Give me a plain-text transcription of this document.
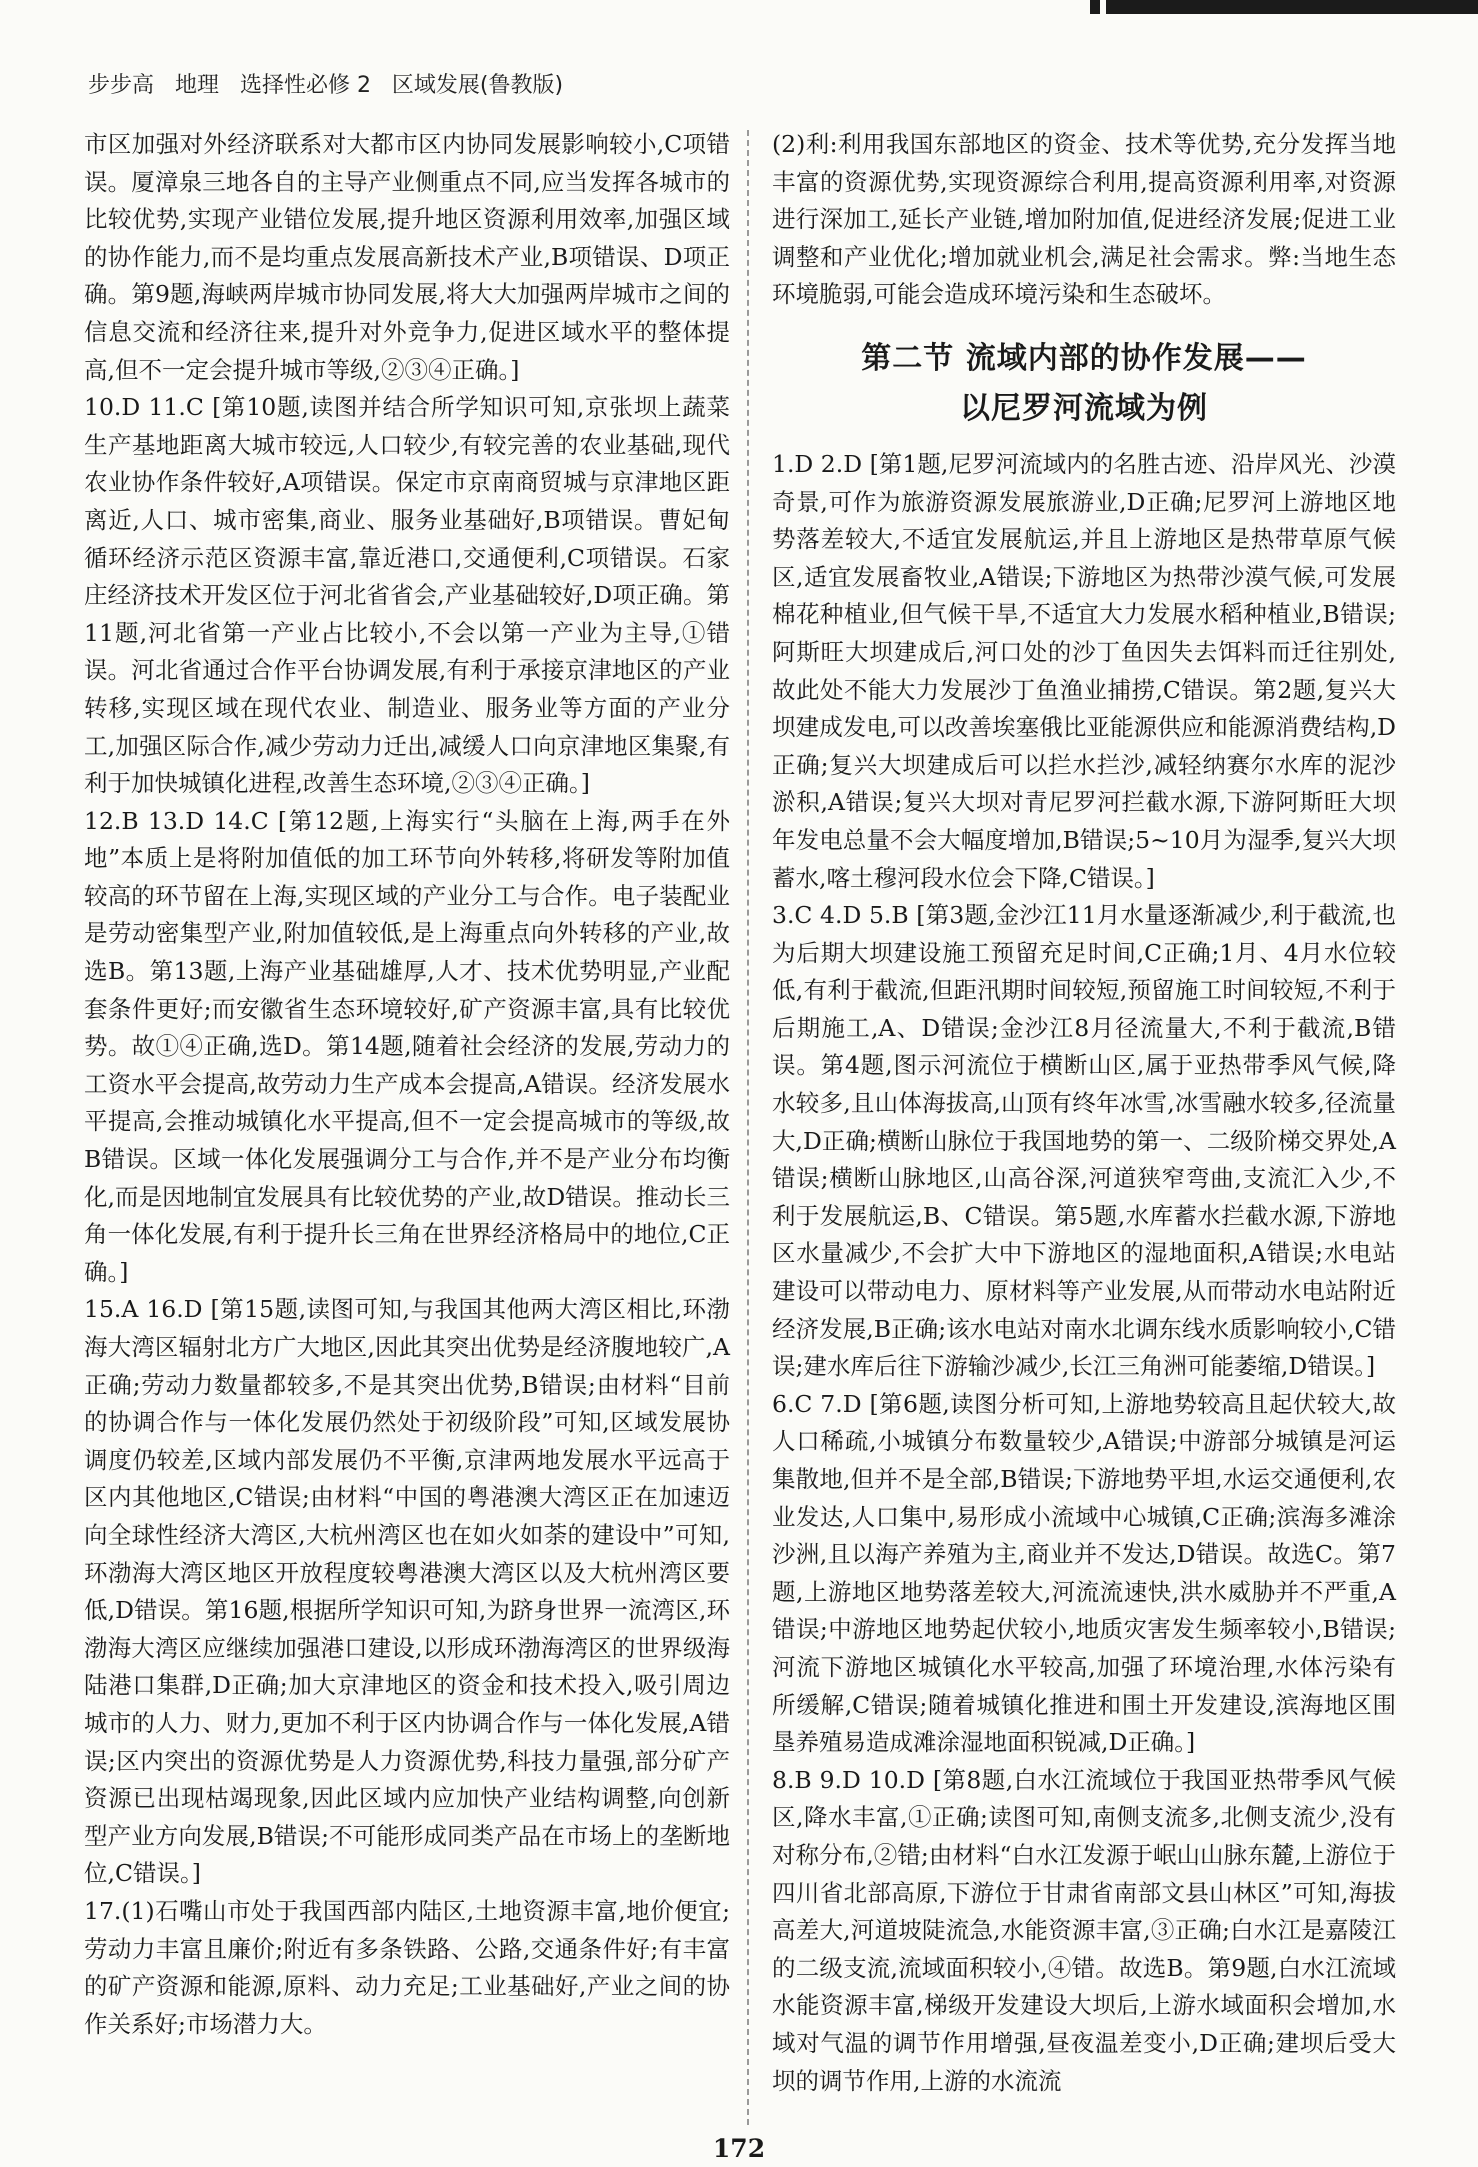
步步高   地理   选择性必修 2   区域发展(鲁教版)

市区加强对外经济联系对大都市区内协同发展影响较小,C项错误。厦漳泉三地各自的主导产业侧重点不同,应当发挥各城市的比较优势,实现产业错位发展,提升地区资源利用效率,加强区域的协作能力,而不是均重点发展高新技术产业,B项错误、D项正确。第9题,海峡两岸城市协同发展,将大大加强两岸城市之间的信息交流和经济往来,提升对外竞争力,促进区域水平的整体提高,但不一定会提升城市等级,②③④正确。]

10.D 11.C [第10题,读图并结合所学知识可知,京张坝上蔬菜生产基地距离大城市较远,人口较少,有较完善的农业基础,现代农业协作条件较好,A项错误。保定市京南商贸城与京津地区距离近,人口、城市密集,商业、服务业基础好,B项错误。曹妃甸循环经济示范区资源丰富,靠近港口,交通便利,C项错误。石家庄经济技术开发区位于河北省省会,产业基础较好,D项正确。第11题,河北省第一产业占比较小,不会以第一产业为主导,①错误。河北省通过合作平台协调发展,有利于承接京津地区的产业转移,实现区域在现代农业、制造业、服务业等方面的产业分工,加强区际合作,减少劳动力迁出,减缓人口向京津地区集聚,有利于加快城镇化进程,改善生态环境,②③④正确。]

12.B 13.D 14.C [第12题,上海实行“头脑在上海,两手在外地”本质上是将附加值低的加工环节向外转移,将研发等附加值较高的环节留在上海,实现区域的产业分工与合作。电子装配业是劳动密集型产业,附加值较低,是上海重点向外转移的产业,故选B。第13题,上海产业基础雄厚,人才、技术优势明显,产业配套条件更好;而安徽省生态环境较好,矿产资源丰富,具有比较优势。故①④正确,选D。第14题,随着社会经济的发展,劳动力的工资水平会提高,故劳动力生产成本会提高,A错误。经济发展水平提高,会推动城镇化水平提高,但不一定会提高城市的等级,故B错误。区域一体化发展强调分工与合作,并不是产业分布均衡化,而是因地制宜发展具有比较优势的产业,故D错误。推动长三角一体化发展,有利于提升长三角在世界经济格局中的地位,C正确。]

15.A 16.D [第15题,读图可知,与我国其他两大湾区相比,环渤海大湾区辐射北方广大地区,因此其突出优势是经济腹地较广,A正确;劳动力数量都较多,不是其突出优势,B错误;由材料“目前的协调合作与一体化发展仍然处于初级阶段”可知,区域发展协调度仍较差,区域内部发展仍不平衡,京津两地发展水平远高于区内其他地区,C错误;由材料“中国的粤港澳大湾区正在加速迈向全球性经济大湾区,大杭州湾区也在如火如荼的建设中”可知,环渤海大湾区地区开放程度较粤港澳大湾区以及大杭州湾区要低,D错误。第16题,根据所学知识可知,为跻身世界一流湾区,环渤海大湾区应继续加强港口建设,以形成环渤海湾区的世界级海陆港口集群,D正确;加大京津地区的资金和技术投入,吸引周边城市的人力、财力,更加不利于区内协调合作与一体化发展,A错误;区内突出的资源优势是人力资源优势,科技力量强,部分矿产资源已出现枯竭现象,因此区域内应加快产业结构调整,向创新型产业方向发展,B错误;不可能形成同类产品在市场上的垄断地位,C错误。]

17.(1)石嘴山市处于我国西部内陆区,土地资源丰富,地价便宜;劳动力丰富且廉价;附近有多条铁路、公路,交通条件好;有丰富的矿产资源和能源,原料、动力充足;工业基础好,产业之间的协作关系好;市场潜力大。

(2)利:利用我国东部地区的资金、技术等优势,充分发挥当地丰富的资源优势,实现资源综合利用,提高资源利用率,对资源进行深加工,延长产业链,增加附加值,促进经济发展;促进工业调整和产业优化;增加就业机会,满足社会需求。弊:当地生态环境脆弱,可能会造成环境污染和生态破坏。

第二节 流域内部的协作发展——
以尼罗河流域为例

1.D 2.D [第1题,尼罗河流域内的名胜古迹、沿岸风光、沙漠奇景,可作为旅游资源发展旅游业,D正确;尼罗河上游地区地势落差较大,不适宜发展航运,并且上游地区是热带草原气候区,适宜发展畜牧业,A错误;下游地区为热带沙漠气候,可发展棉花种植业,但气候干旱,不适宜大力发展水稻种植业,B错误;阿斯旺大坝建成后,河口处的沙丁鱼因失去饵料而迁往别处,故此处不能大力发展沙丁鱼渔业捕捞,C错误。第2题,复兴大坝建成发电,可以改善埃塞俄比亚能源供应和能源消费结构,D正确;复兴大坝建成后可以拦水拦沙,减轻纳赛尔水库的泥沙淤积,A错误;复兴大坝对青尼罗河拦截水源,下游阿斯旺大坝年发电总量不会大幅度增加,B错误;5~10月为湿季,复兴大坝蓄水,喀土穆河段水位会下降,C错误。]

3.C 4.D 5.B [第3题,金沙江11月水量逐渐减少,利于截流,也为后期大坝建设施工预留充足时间,C正确;1月、4月水位较低,有利于截流,但距汛期时间较短,预留施工时间较短,不利于后期施工,A、D错误;金沙江8月径流量大,不利于截流,B错误。第4题,图示河流位于横断山区,属于亚热带季风气候,降水较多,且山体海拔高,山顶有终年冰雪,冰雪融水较多,径流量大,D正确;横断山脉位于我国地势的第一、二级阶梯交界处,A错误;横断山脉地区,山高谷深,河道狭窄弯曲,支流汇入少,不利于发展航运,B、C错误。第5题,水库蓄水拦截水源,下游地区水量减少,不会扩大中下游地区的湿地面积,A错误;水电站建设可以带动电力、原材料等产业发展,从而带动水电站附近经济发展,B正确;该水电站对南水北调东线水质影响较小,C错误;建水库后往下游输沙减少,长江三角洲可能萎缩,D错误。]

6.C 7.D [第6题,读图分析可知,上游地势较高且起伏较大,故人口稀疏,小城镇分布数量较少,A错误;中游部分城镇是河运集散地,但并不是全部,B错误;下游地势平坦,水运交通便利,农业发达,人口集中,易形成小流域中心城镇,C正确;滨海多滩涂沙洲,且以海产养殖为主,商业并不发达,D错误。故选C。第7题,上游地区地势落差较大,河流流速快,洪水威胁并不严重,A错误;中游地区地势起伏较小,地质灾害发生频率较小,B错误;河流下游地区城镇化水平较高,加强了环境治理,水体污染有所缓解,C错误;随着城镇化推进和围土开发建设,滨海地区围垦养殖易造成滩涂湿地面积锐减,D正确。]

8.B 9.D 10.D [第8题,白水江流域位于我国亚热带季风气候区,降水丰富,①正确;读图可知,南侧支流多,北侧支流少,没有对称分布,②错;由材料“白水江发源于岷山山脉东麓,上游位于四川省北部高原,下游位于甘肃省南部文县山林区”可知,海拔高差大,河道坡陡流急,水能资源丰富,③正确;白水江是嘉陵江的二级支流,流域面积较小,④错。故选B。第9题,白水江流域水能资源丰富,梯级开发建设大坝后,上游水域面积会增加,水域对气温的调节作用增强,昼夜温差变小,D正确;建坝后受大坝的调节作用,上游的水流流

172
